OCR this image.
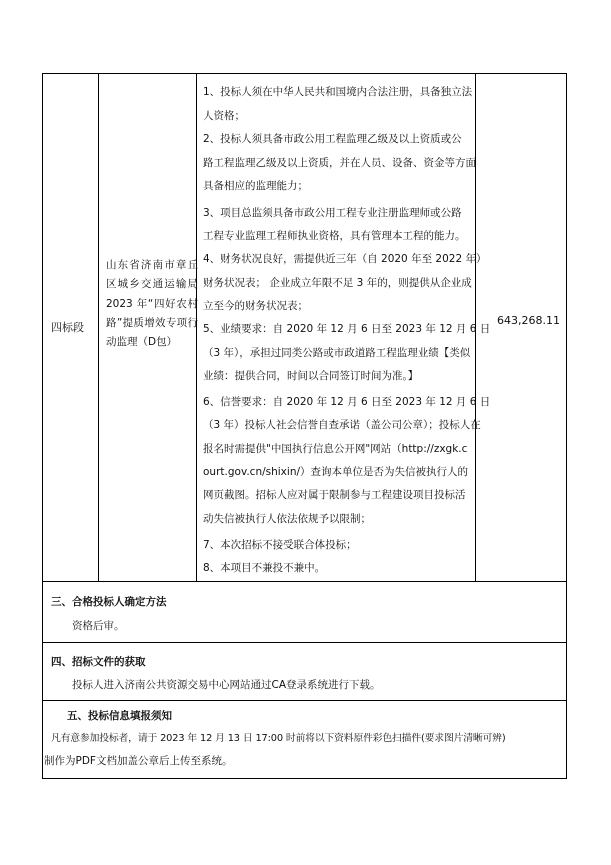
四标段
山东省济南市章丘区城乡交通运输局 2023 年“四好农村路”提质增效专项行动监理（D包）
643,268.11
1、投标人须在中华人民共和国境内合法注册，具备独立法
人资格；
2、投标人须具备市政公用工程监理乙级及以上资质或公
路工程监理乙级及以上资质，并在人员、设备、资金等方面
具备相应的监理能力；
3、项目总监须具备市政公用工程专业注册监理师或公路
工程专业监理工程师执业资格，具有管理本工程的能力。
4、财务状况良好，需提供近三年（自 2020 年至 2022 年）
财务状况表； 企业成立年限不足 3 年的，则提供从企业成
立至今的财务状况表；
5、业绩要求：自 2020 年 12 月 6 日至 2023 年 12 月 6 日
（3 年），承担过同类公路或市政道路工程监理业绩【类似
业绩：提供合同，时间以合同签订时间为准。】
6、信誉要求：自 2020 年 12 月 6 日至 2023 年 12 月 6 日
（3 年）投标人社会信誉自查承诺（盖公司公章）；投标人在
报名时需提供"中国执行信息公开网"网站（http://zxgk.c
ourt.gov.cn/shixin/）查询本单位是否为失信被执行人的
网页截图。招标人应对属于限制参与工程建设项目投标活
动失信被执行人依法依规予以限制；
7、本次招标不接受联合体投标；
8、本项目不兼投不兼中。
三、合格投标人确定方法
资格后审。
四、招标文件的获取
投标人进入济南公共资源交易中心网站通过CA登录系统进行下载。
五、投标信息填报须知
凡有意参加投标者，请于 2023 年 12 月 13 日 17:00 时前将以下资料原件彩色扫描件(要求图片清晰可辨)
制作为PDF文档加盖公章后上传至系统。
